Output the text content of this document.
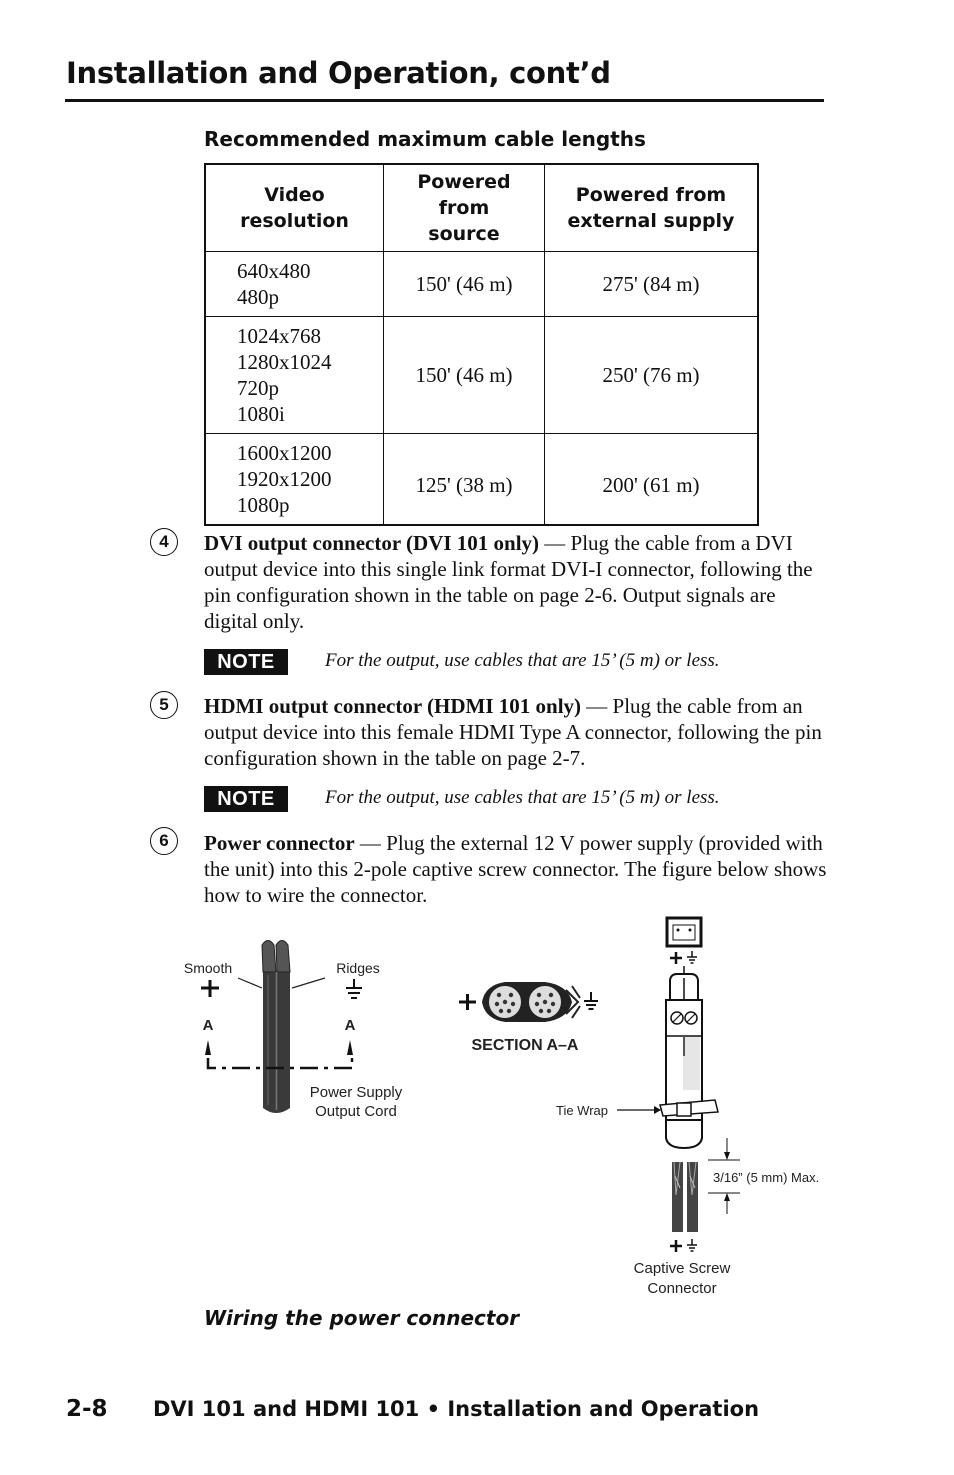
Installation and Operation, cont’d
Recommended maximum cable lengths
Video
resolution	Powered
from
source	Powered from
external supply
640x480
480p	150' (46 m)	275' (84 m)
1024x768
1280x1024
720p
1080i	150' (46 m)	250' (76 m)
1600x1200
1920x1200
1080p	125' (38 m)	200' (61 m)
4	DVI output connector (DVI 101 only) — Plug the cable from a DVI output device into this single link format DVI-I connector, following the pin configuration shown in the table on page 2-6. Output signals are digital only.
NOTE	For the output, use cables that are 15’ (5 m) or less.
5	HDMI output connector (HDMI 101 only) — Plug the cable from an output device into this female HDMI Type A connector, following the pin configuration shown in the table on page 2-7.
NOTE	For the output, use cables that are 15’ (5 m) or less.
6	Power connector — Plug the external 12 V power supply (provided with the unit) into this 2-pole captive screw connector. The figure below shows how to wire the connector.
Smooth	Ridges
A	A
Power Supply Output Cord
SECTION A–A
Tie Wrap
3/16” (5 mm) Max.
Captive Screw Connector
Wiring the power connector
2-8 DVI 101 and HDMI 101 • Installation and Operation
